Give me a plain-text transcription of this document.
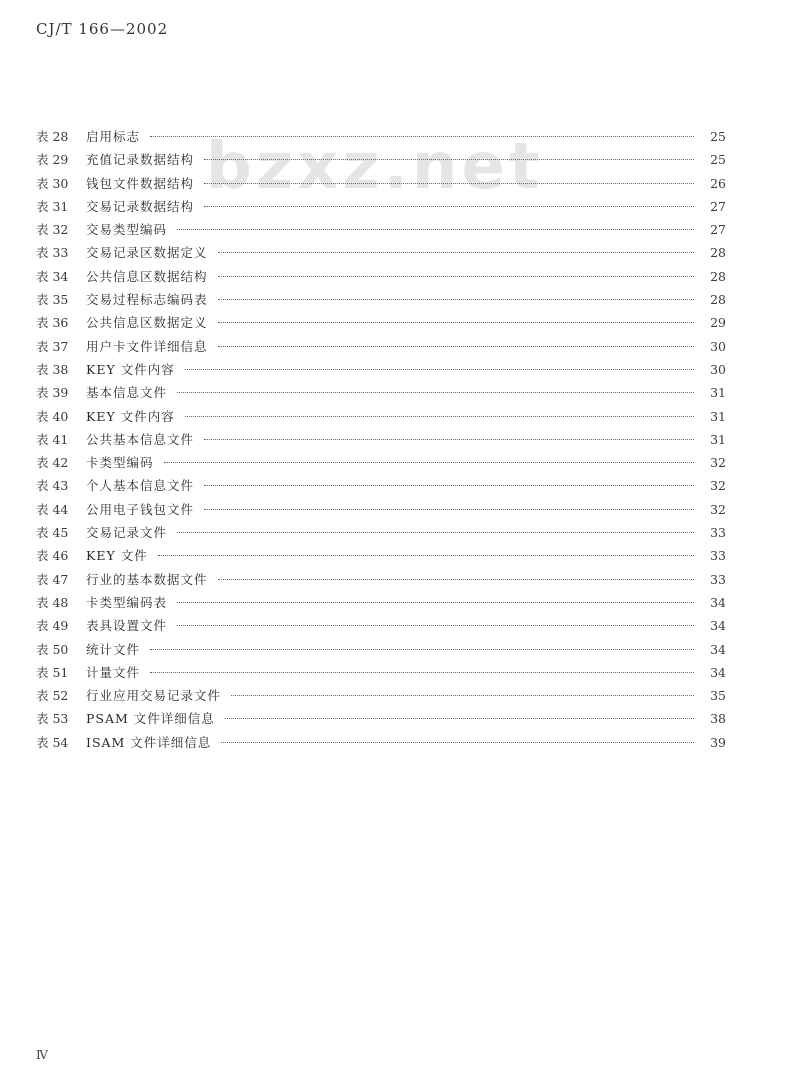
CJ/T 166—2002
bzxz.net
表 28	启用标志	25
表 29	充值记录数据结构	25
表 30	钱包文件数据结构	26
表 31	交易记录数据结构	27
表 32	交易类型编码	27
表 33	交易记录区数据定义	28
表 34	公共信息区数据结构	28
表 35	交易过程标志编码表	28
表 36	公共信息区数据定义	29
表 37	用户卡文件详细信息	30
表 38	KEY 文件内容	30
表 39	基本信息文件	31
表 40	KEY 文件内容	31
表 41	公共基本信息文件	31
表 42	卡类型编码	32
表 43	个人基本信息文件	32
表 44	公用电子钱包文件	32
表 45	交易记录文件	33
表 46	KEY 文件	33
表 47	行业的基本数据文件	33
表 48	卡类型编码表	34
表 49	表具设置文件	34
表 50	统计文件	34
表 51	计量文件	34
表 52	行业应用交易记录文件	35
表 53	PSAM 文件详细信息	38
表 54	ISAM 文件详细信息	39
Ⅳ
